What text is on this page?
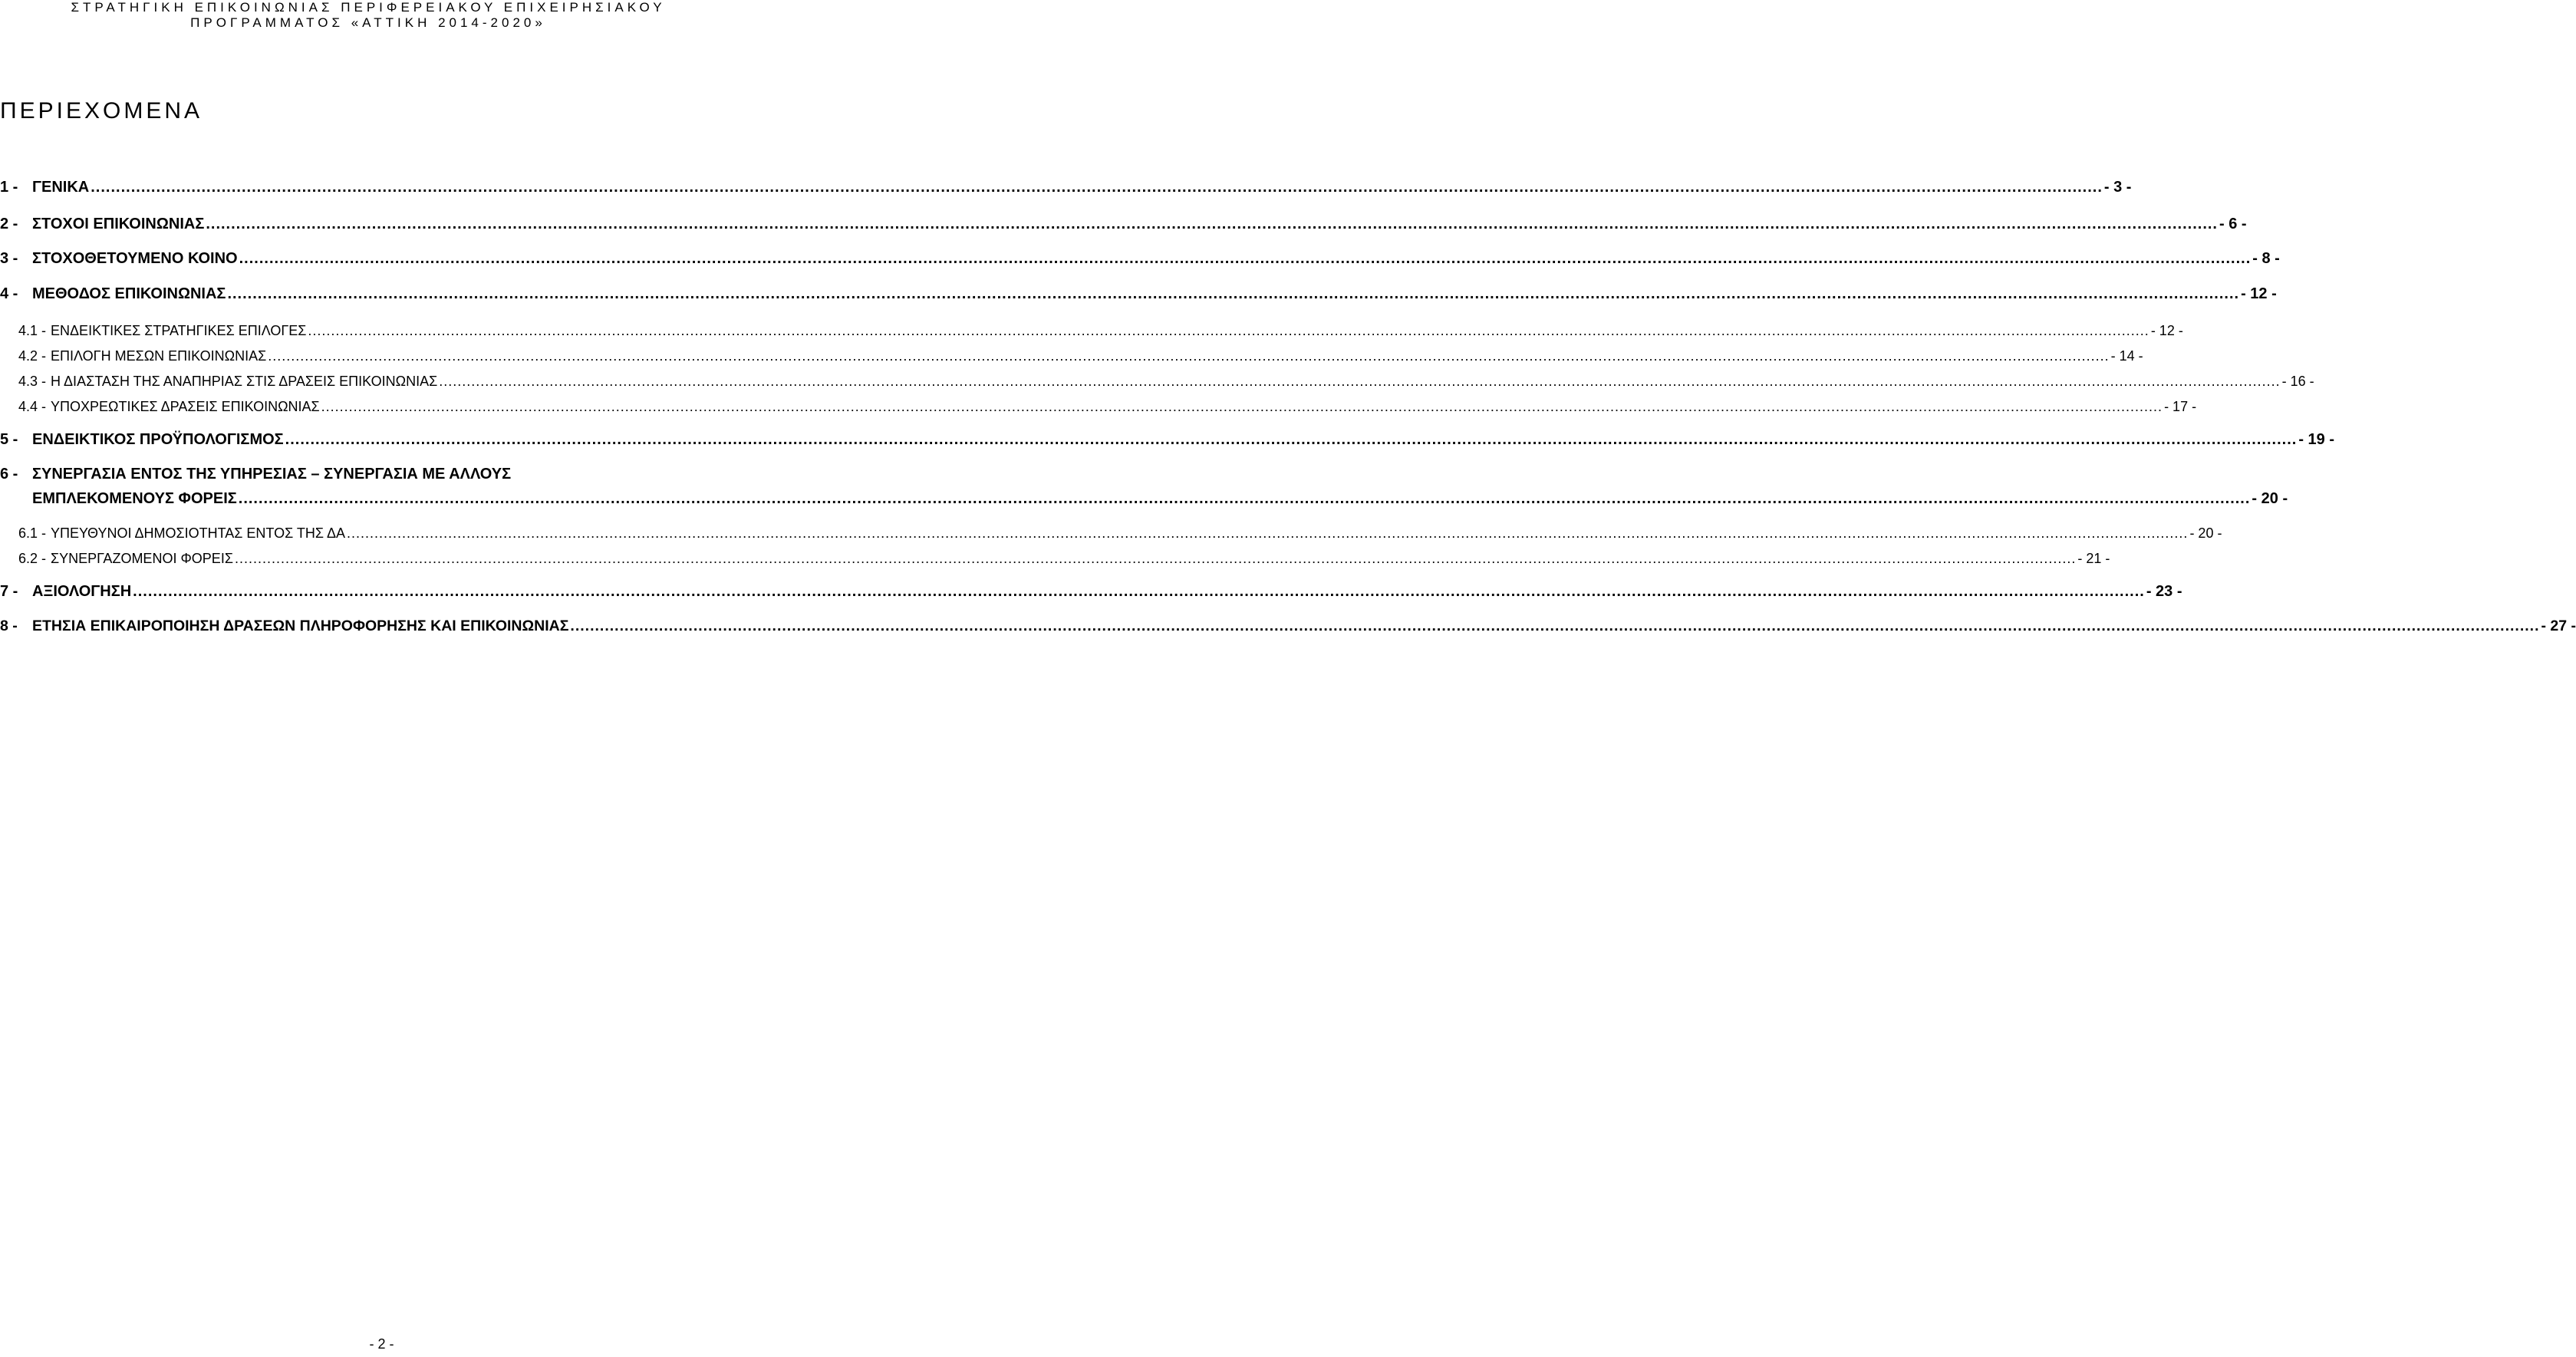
ΣΤΡΑΤΗΓΙΚΗ ΕΠΙΚΟΙΝΩΝΙΑΣ ΠΕΡΙΦΕΡΕΙΑΚΟΥ ΕΠΙΧΕΙΡΗΣΙΑΚΟΥ
ΠΡΟΓΡΑΜΜΑΤΟΣ «ΑΤΤΙΚΗ 2014-2020»
ΠΕΡΙΕΧΟΜΕΝΑ
1 - ΓΕΝΙΚΑ .....	- 3 -
2 - ΣΤΟΧΟΙ ΕΠΙΚΟΙΝΩΝΙΑΣ .....	- 6 -
3 - ΣΤΟΧΟΘΕΤΟΥΜΕΝΟ ΚΟΙΝΟ .....	- 8 -
4 - ΜΕΘΟΔΟΣ ΕΠΙΚΟΙΝΩΝΙΑΣ .....	- 12 -
4.1 - ΕΝΔΕΙΚΤΙΚΕΣ ΣΤΡΑΤΗΓΙΚΕΣ ΕΠΙΛΟΓΕΣ .....	- 12 -
4.2 - ΕΠΙΛΟΓΗ ΜΕΣΩΝ ΕΠΙΚΟΙΝΩΝΙΑΣ .....	- 14 -
4.3 - Η ΔΙΑΣΤΑΣΗ ΤΗΣ ΑΝΑΠΗΡΙΑΣ ΣΤΙΣ ΔΡΑΣΕΙΣ ΕΠΙΚΟΙΝΩΝΙΑΣ .....	- 16 -
4.4 - ΥΠΟΧΡΕΩΤΙΚΕΣ ΔΡΑΣΕΙΣ ΕΠΙΚΟΙΝΩΝΙΑΣ .....	- 17 -
5 - ΕΝΔΕΙΚΤΙΚΟΣ ΠΡΟΫΠΟΛΟΓΙΣΜΟΣ .....	- 19 -
6 - ΣΥΝΕΡΓΑΣΙΑ ΕΝΤΟΣ ΤΗΣ ΥΠΗΡΕΣΙΑΣ – ΣΥΝΕΡΓΑΣΙΑ ΜΕ ΑΛΛΟΥΣ
ΕΜΠΛΕΚΟΜΕΝΟΥΣ ΦΟΡΕΙΣ .....	- 20 -
6.1 - ΥΠΕΥΘΥΝΟΙ ΔΗΜΟΣΙΟΤΗΤΑΣ ΕΝΤΟΣ ΤΗΣ ΔΑ .....	- 20 -
6.2 - ΣΥΝΕΡΓΑΖΟΜΕΝΟΙ ΦΟΡΕΙΣ .....	- 21 -
7 - ΑΞΙΟΛΟΓΗΣΗ .....	- 23 -
8 - ΕΤΗΣΙΑ ΕΠΙΚΑΙΡΟΠΟΙΗΣΗ ΔΡΑΣΕΩΝ ΠΛΗΡΟΦΟΡΗΣΗΣ ΚΑΙ ΕΠΙΚΟΙΝΩΝΙΑΣ .....	- 27 -
- 2 -
